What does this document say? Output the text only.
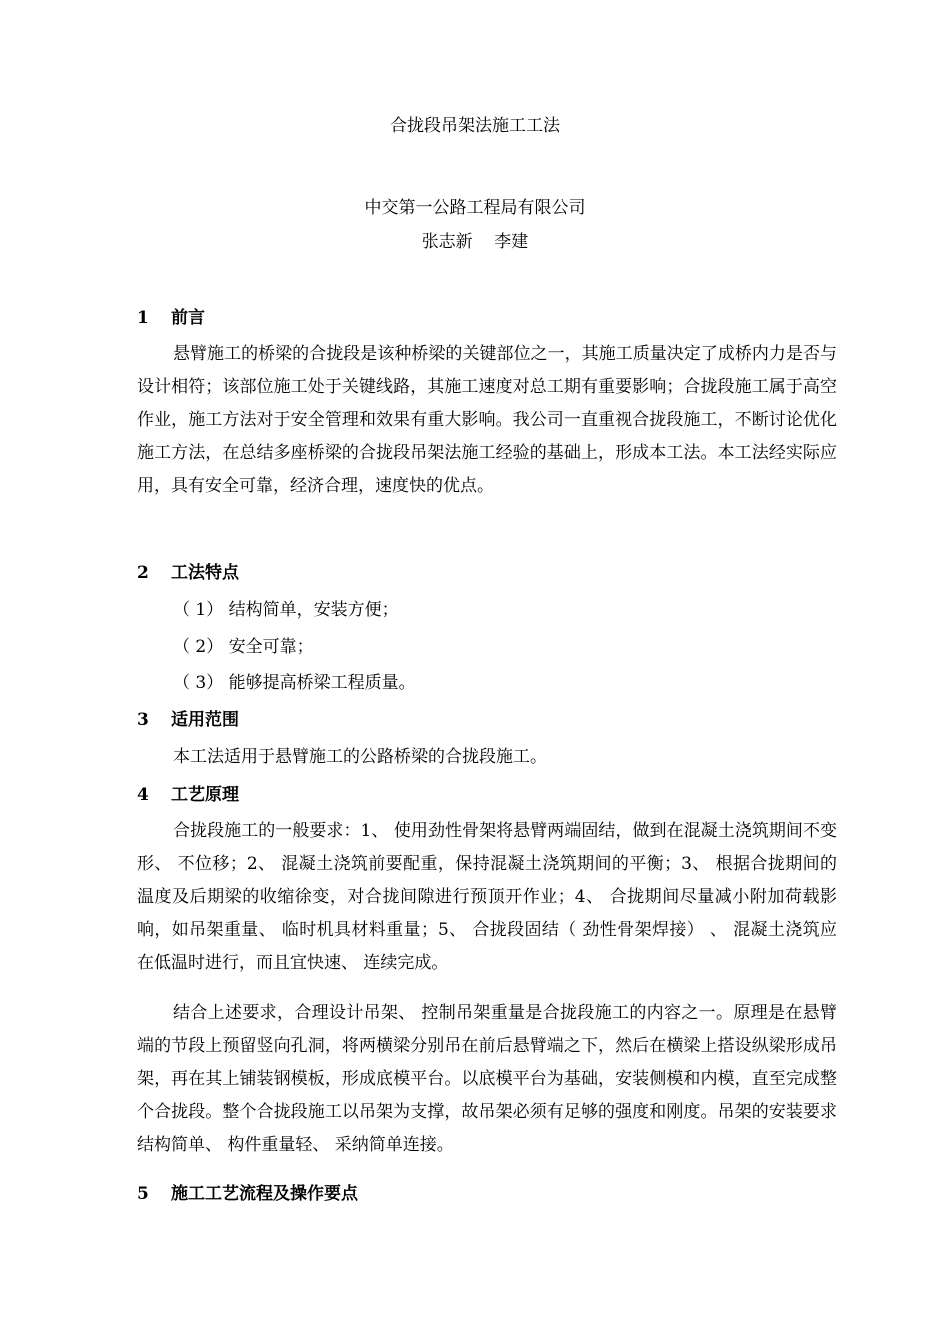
合拢段吊架法施工工法
中交第一公路工程局有限公司
张志新    李建
1 前言

悬臂施工的桥梁的合拢段是该种桥梁的关键部位之一，其施工质量决定了成桥内力是否与设计相符；该部位施工处于关键线路，其施工速度对总工期有重要影响；合拢段施工属于高空作业，施工方法对于安全管理和效果有重大影响。我公司一直重视合拢段施工，不断讨论优化施工方法，在总结多座桥梁的合拢段吊架法施工经验的基础上，形成本工法。本工法经实际应用，具有安全可靠，经济合理，速度快的优点。

2 工法特点
（ 1） 结构简单，安装方便；
（ 2） 安全可靠；
（ 3） 能够提高桥梁工程质量。
3 适用范围

本工法适用于悬臂施工的公路桥梁的合拢段施工。

4 工艺原理

合拢段施工的一般要求：1、 使用劲性骨架将悬臂两端固结，做到在混凝土浇筑期间不变形、 不位移；2、 混凝土浇筑前要配重，保持混凝土浇筑期间的平衡；3、 根据合拢期间的温度及后期梁的收缩徐变，对合拢间隙进行预顶开作业；4、 合拢期间尽量减小附加荷载影响，如吊架重量、 临时机具材料重量；5、 合拢段固结（ 劲性骨架焊接） 、 混凝土浇筑应在低温时进行，而且宜快速、 连续完成。

结合上述要求，合理设计吊架、 控制吊架重量是合拢段施工的内容之一。原理是在悬臂端的节段上预留竖向孔洞，将两横梁分别吊在前后悬臂端之下，然后在横梁上搭设纵梁形成吊架，再在其上铺装钢模板，形成底模平台。以底模平台为基础，安装侧模和内模，直至完成整个合拢段。整个合拢段施工以吊架为支撑，故吊架必须有足够的强度和刚度。吊架的安装要求结构简单、 构件重量轻、 采纳简单连接。

5 施工工艺流程及操作要点
